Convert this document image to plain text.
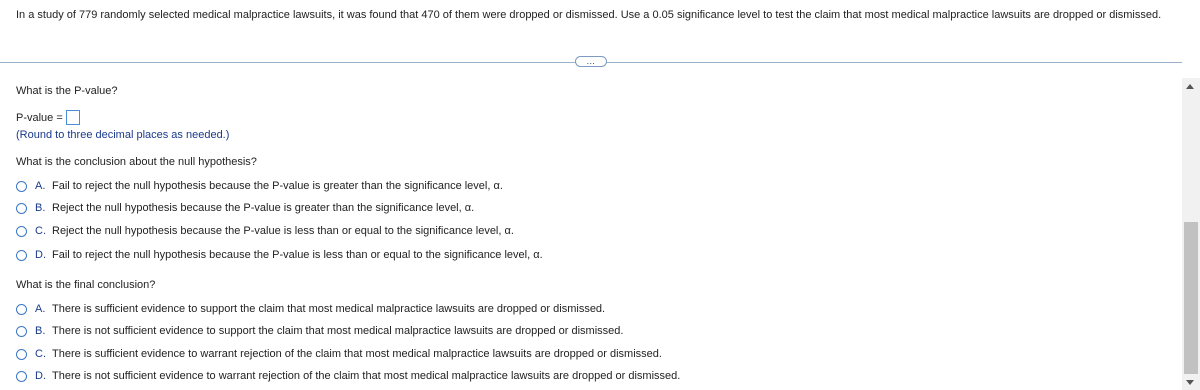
In a study of 779 randomly selected medical malpractice lawsuits, it was found that 470 of them were dropped or dismissed. Use a 0.05 significance level to test the claim that most medical malpractice lawsuits are dropped or dismissed.
…
What is the P-value?
P-value =
(Round to three decimal places as needed.)
What is the conclusion about the null hypothesis?
A. Fail to reject the null hypothesis because the P-value is greater than the significance level, α.
B. Reject the null hypothesis because the P-value is greater than the significance level, α.
C. Reject the null hypothesis because the P-value is less than or equal to the significance level, α.
D. Fail to reject the null hypothesis because the P-value is less than or equal to the significance level, α.
What is the final conclusion?
A. There is sufficient evidence to support the claim that most medical malpractice lawsuits are dropped or dismissed.
B. There is not sufficient evidence to support the claim that most medical malpractice lawsuits are dropped or dismissed.
C. There is sufficient evidence to warrant rejection of the claim that most medical malpractice lawsuits are dropped or dismissed.
D. There is not sufficient evidence to warrant rejection of the claim that most medical malpractice lawsuits are dropped or dismissed.
